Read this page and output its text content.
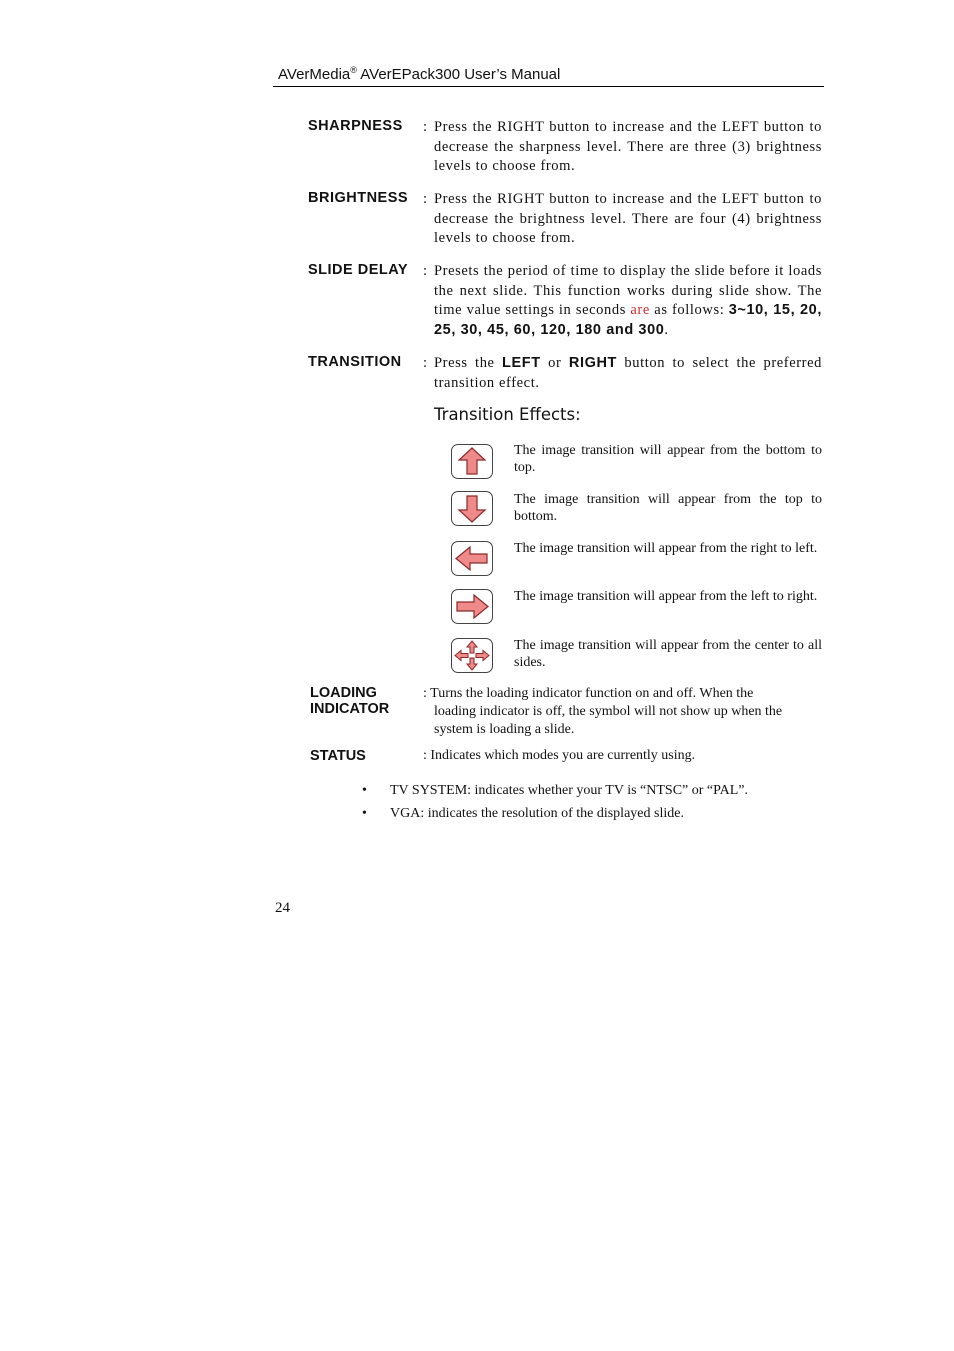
AVerMedia® AVerEPack300 User’s Manual
SHARPNESS : Press the RIGHT button to increase and the LEFT button to decrease the sharpness level. There are three (3) brightness levels to choose from.
BRIGHTNESS : Press the RIGHT button to increase and the LEFT button to       decrease the brightness level. There are four (4) brightness levels to choose from.
SLIDE DELAY : Presets the period of time to display the slide before it loads the next slide. This function works during slide show. The time value settings in seconds are as follows: 3~10, 15, 20, 25, 30, 45, 60, 120, 180 and 300.
TRANSITION : Press the LEFT or RIGHT button to select the preferred transition effect.
Transition Effects:
The image transition will appear from the bottom to top.
The image transition will appear from the top to bottom.
The image transition will appear from the right to left.
The image transition will appear from the left to right.
The image transition will appear from the center to all sides.
LOADING
INDICATOR
: Turns the loading indicator function on and off. When the
loading indicator is off, the symbol will not show up when the system is loading a slide.
STATUS	: Indicates which modes you are currently using.
• TV SYSTEM: indicates whether your TV is “NTSC” or “PAL”.
• VGA: indicates the resolution of the displayed slide.
24
